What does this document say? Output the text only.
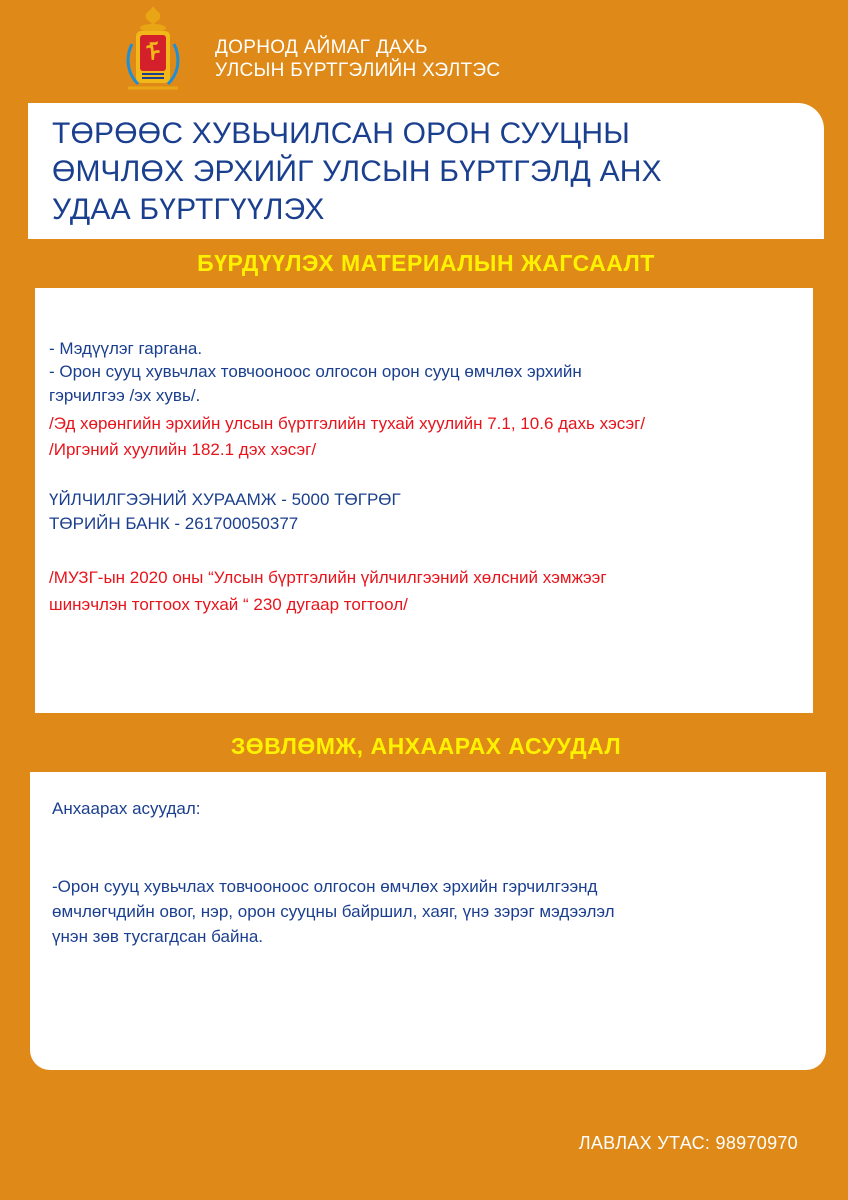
ᠮ	ДОРНОД АЙМАГ ДАХЬ
УЛСЫН БҮРТГЭЛИЙН ХЭЛТЭС
ТӨРӨӨС ХУВЬЧИЛСАН ОРОН СУУЦНЫ
ӨМЧЛӨХ ЭРХИЙГ УЛСЫН БҮРТГЭЛД АНХ
УДАА БҮРТГҮҮЛЭХ
БҮРДҮҮЛЭХ МАТЕРИАЛЫН ЖАГСААЛТ
- Мэдүүлэг гаргана.
- Орон сууц хувьчлах товчооноос олгосон орон сууц өмчлөх эрхийн
гэрчилгээ /эх хувь/.
/Эд хөрөнгийн эрхийн улсын бүртгэлийн тухай хуулийн 7.1, 10.6 дахь хэсэг/
/Иргэний хуулийн 182.1 дэх хэсэг/
ҮЙЛЧИЛГЭЭНИЙ ХУРААМЖ - 5000 ТӨГРӨГ
ТӨРИЙН БАНК - 261700050377
/МУЗГ-ын 2020 оны “Улсын бүртгэлийн үйлчилгээний хөлсний хэмжээг
шинэчлэн тогтоох тухай “ 230 дугаар тогтоол/
ЗӨВЛӨМЖ, АНХААРАХ АСУУДАЛ
Анхаарах асуудал:
-Орон сууц хувьчлах товчооноос олгосон өмчлөх эрхийн гэрчилгээнд
өмчлөгчдийн овог, нэр, орон сууцны байршил, хаяг, үнэ зэрэг мэдээлэл
үнэн зөв тусгагдсан байна.
ЛАВЛАХ УТАС: 98970970
